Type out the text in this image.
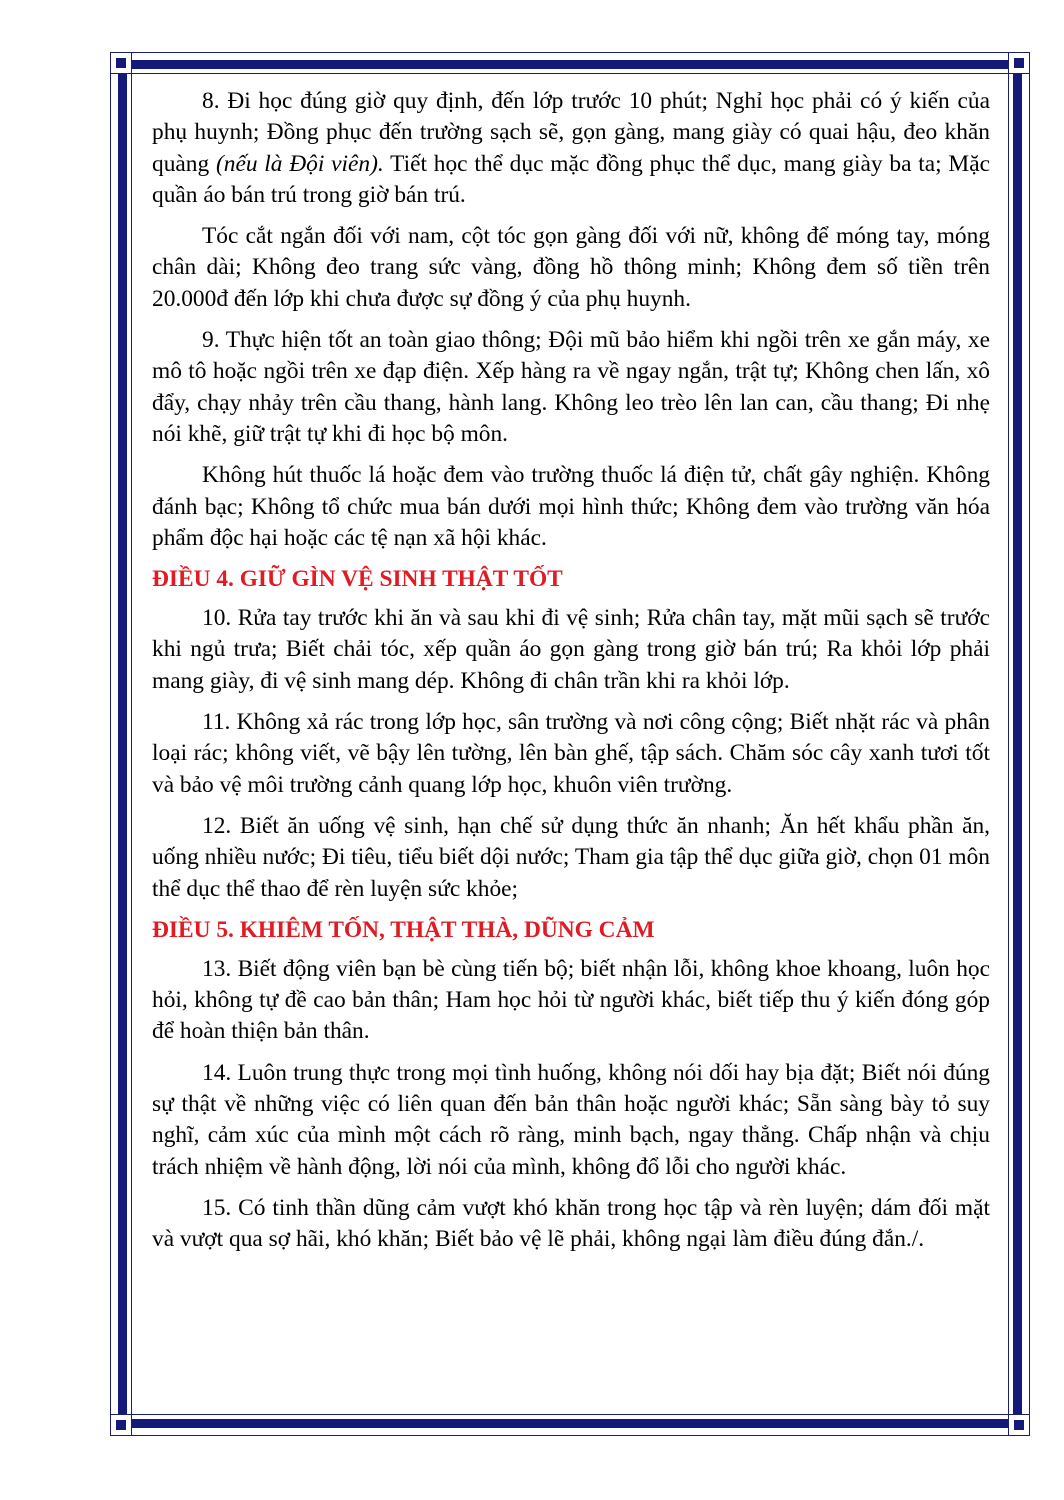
8. Đi học đúng giờ quy định, đến lớp trước 10 phút; Nghỉ học phải có ý kiến của phụ huynh; Đồng phục đến trường sạch sẽ, gọn gàng, mang giày có quai hậu, đeo khăn quàng (nếu là Đội viên). Tiết học thể dục mặc đồng phục thể dục, mang giày ba ta; Mặc quần áo bán trú trong giờ bán trú.

Tóc cắt ngắn đối với nam, cột tóc gọn gàng đối với nữ, không để móng tay, móng chân dài; Không đeo trang sức vàng, đồng hồ thông minh; Không đem số tiền trên 20.000đ đến lớp khi chưa được sự đồng ý của phụ huynh.

9. Thực hiện tốt an toàn giao thông; Đội mũ bảo hiểm khi ngồi trên xe gắn máy, xe mô tô hoặc ngồi trên xe đạp điện. Xếp hàng ra về ngay ngắn, trật tự; Không chen lấn, xô đẩy, chạy nhảy trên cầu thang, hành lang. Không leo trèo lên lan can, cầu thang; Đi nhẹ nói khẽ, giữ trật tự khi đi học bộ môn.

Không hút thuốc lá hoặc đem vào trường thuốc lá điện tử, chất gây nghiện. Không đánh bạc; Không tổ chức mua bán dưới mọi hình thức; Không đem vào trường văn hóa phẩm độc hại hoặc các tệ nạn xã hội khác.

ĐIỀU 4. GIỮ GÌN VỆ SINH THẬT TỐT

10. Rửa tay trước khi ăn và sau khi đi vệ sinh; Rửa chân tay, mặt mũi sạch sẽ trước khi ngủ trưa; Biết chải tóc, xếp quần áo gọn gàng trong giờ bán trú; Ra khỏi lớp phải mang giày, đi vệ sinh mang dép. Không đi chân trần khi ra khỏi lớp.

11. Không xả rác trong lớp học, sân trường và nơi công cộng; Biết nhặt rác và phân loại rác; không viết, vẽ bậy lên tường, lên bàn ghế, tập sách. Chăm sóc cây xanh tươi tốt và bảo vệ môi trường cảnh quang lớp học, khuôn viên trường.

12. Biết ăn uống vệ sinh, hạn chế sử dụng thức ăn nhanh; Ăn hết khẩu phần ăn, uống nhiều nước; Đi tiêu, tiểu biết dội nước; Tham gia tập thể dục giữa giờ, chọn 01 môn thể dục thể thao để rèn luyện sức khỏe;

ĐIỀU 5. KHIÊM TỐN, THẬT THÀ, DŨNG CẢM

13. Biết động viên bạn bè cùng tiến bộ; biết nhận lỗi, không khoe khoang, luôn học hỏi, không tự đề cao bản thân; Ham học hỏi từ người khác, biết tiếp thu ý kiến đóng góp để hoàn thiện bản thân.

14. Luôn trung thực trong mọi tình huống, không nói dối hay bịa đặt; Biết nói đúng sự thật về những việc có liên quan đến bản thân hoặc người khác; Sẵn sàng bày tỏ suy nghĩ, cảm xúc của mình một cách rõ ràng, minh bạch, ngay thẳng. Chấp nhận và chịu trách nhiệm về hành động, lời nói của mình, không đổ lỗi cho người khác.

15. Có tinh thần dũng cảm vượt khó khăn trong học tập và rèn luyện; dám đối mặt và vượt qua sợ hãi, khó khăn; Biết bảo vệ lẽ phải, không ngại làm điều đúng đắn./.
